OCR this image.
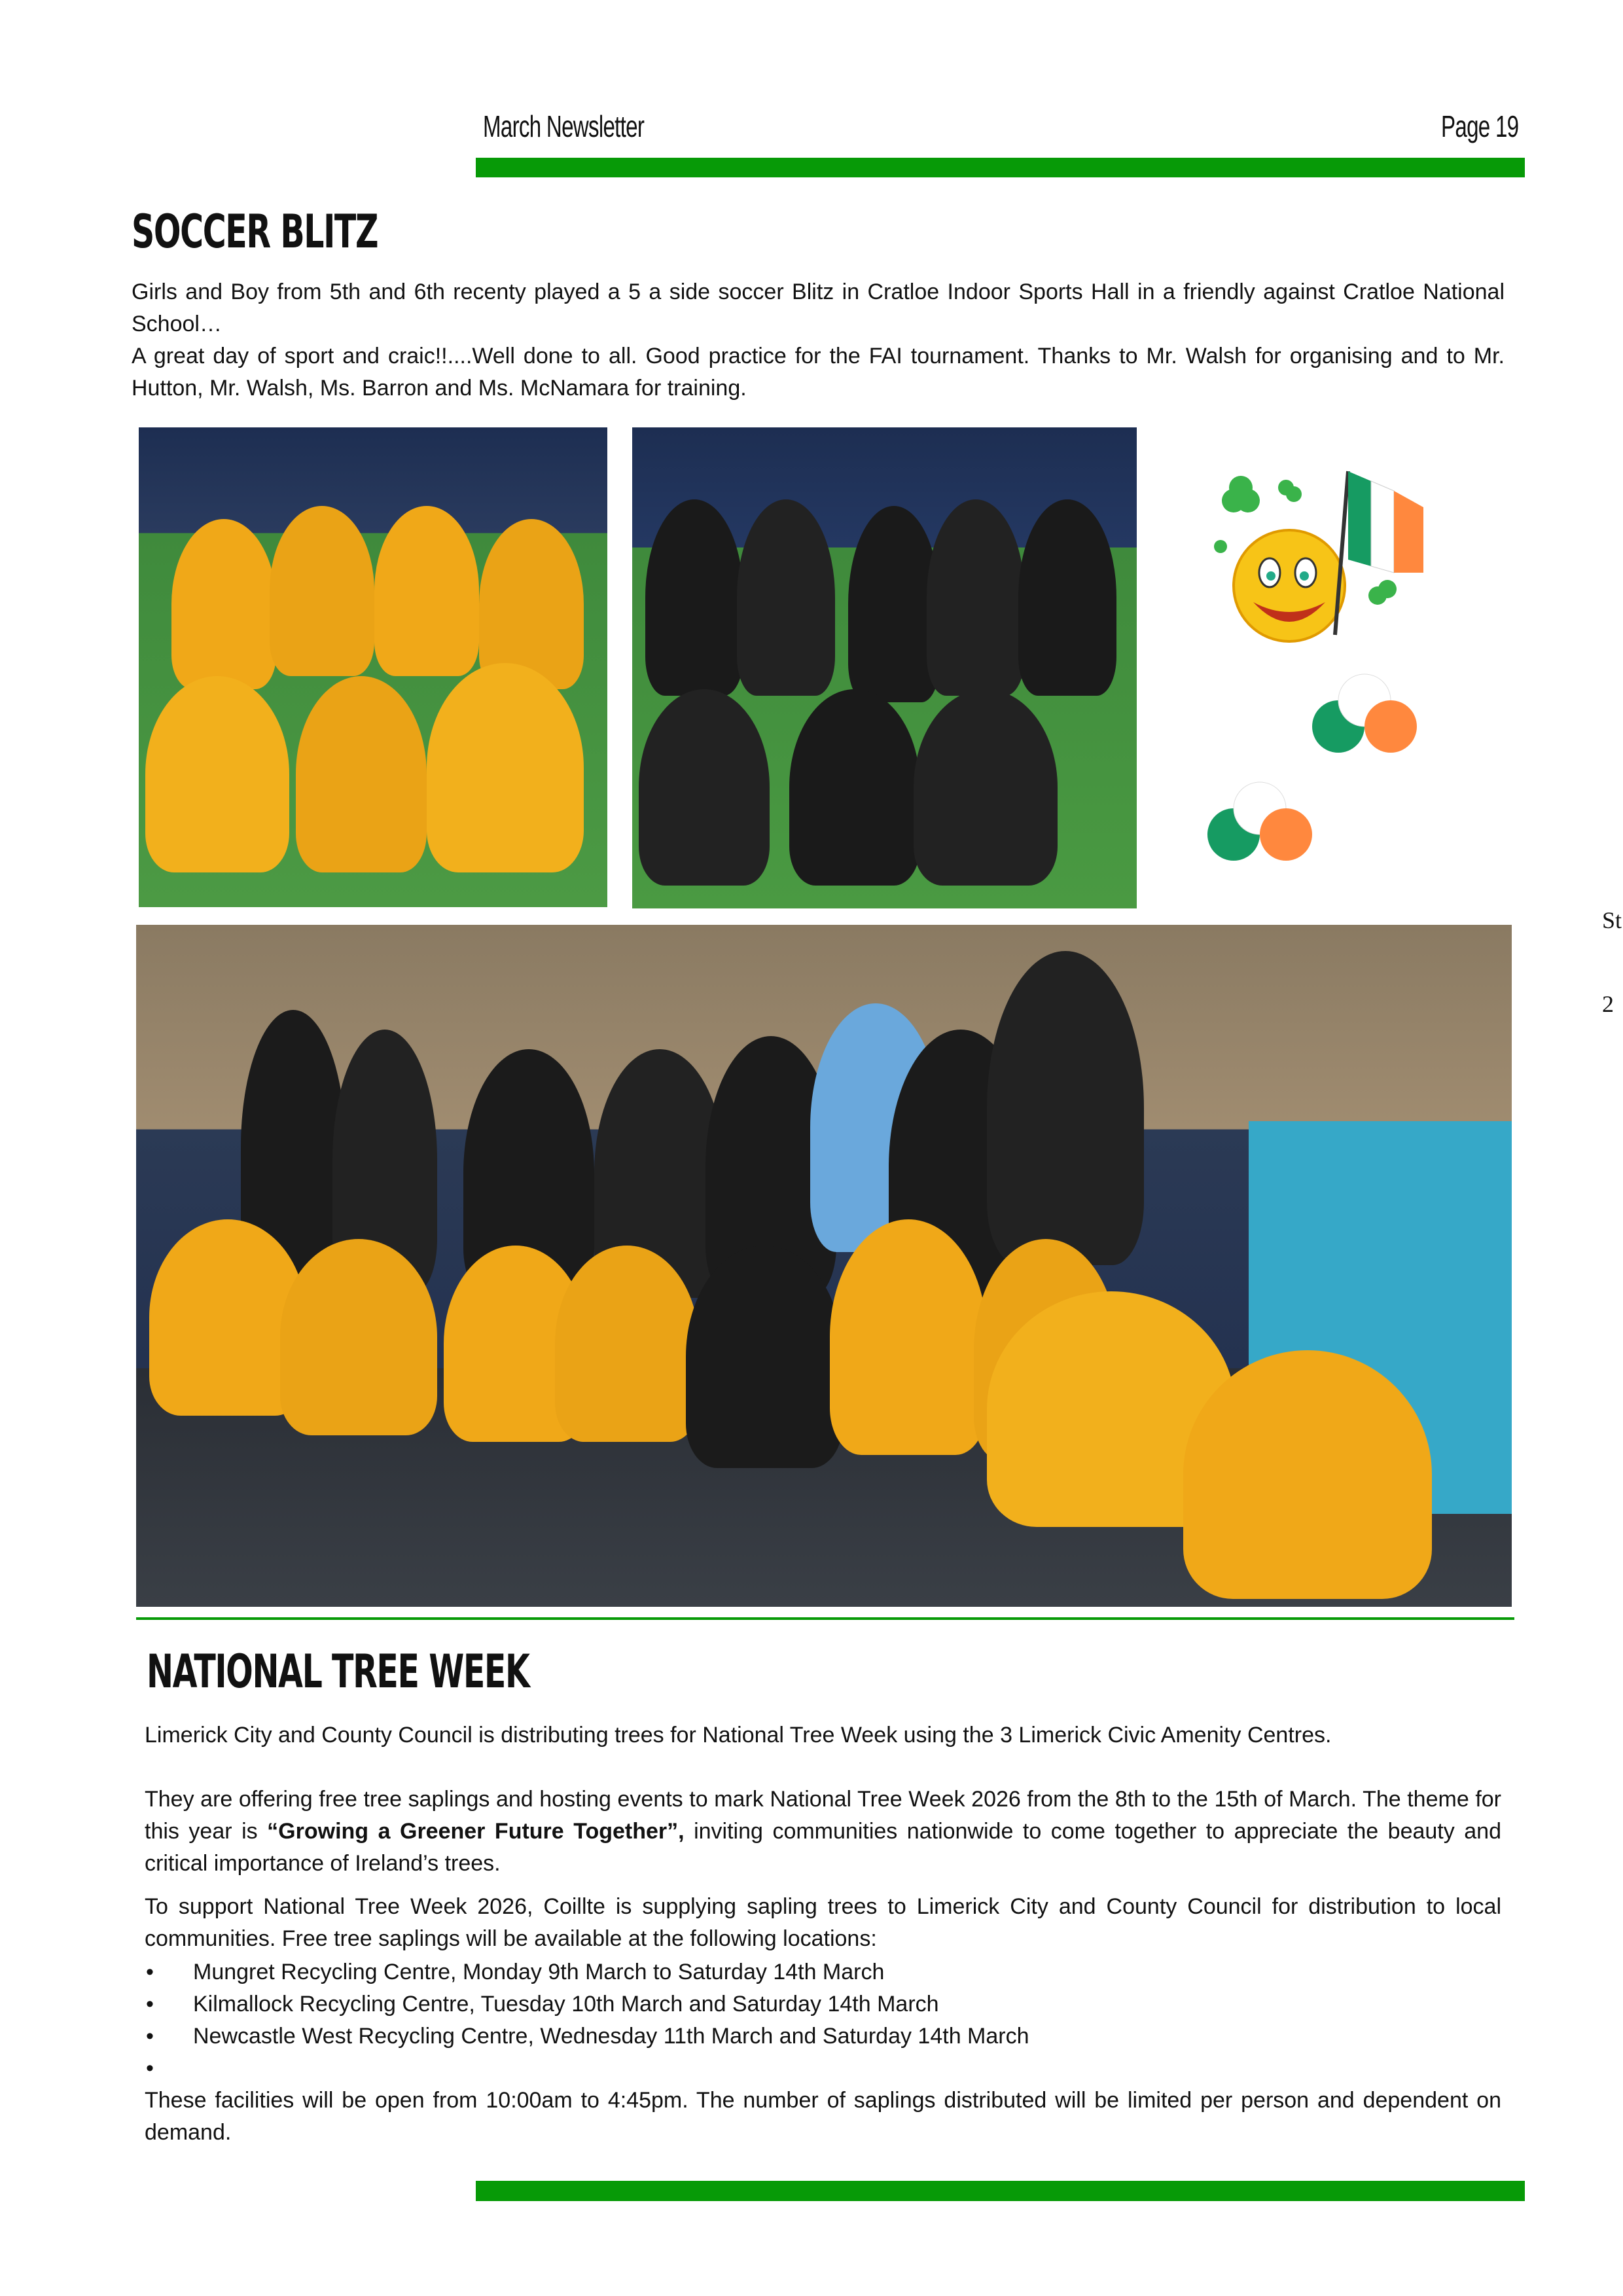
March Newsletter	Page 19
SOCCER BLITZ

Girls and Boy from 5th and 6th recenty played a 5 a side soccer Blitz in Cratloe Indoor Sports Hall in a friendly against Cratloe National School…

A great day of sport and craic!!....Well done to all. Good practice for the FAI tournament. Thanks to Mr. Walsh for organising and to Mr. Hutton, Mr. Walsh, Ms. Barron and Ms. McNamara for training.

St
2
NATIONAL TREE WEEK

Limerick City and County Council is distributing trees for National Tree Week using the 3 Limerick Civic Amenity Centres.

They are offering free tree saplings and hosting events to mark National Tree Week 2026 from the 8th to the 15th of March. The theme for this year is “Growing a Greener Future Together”, inviting communities nationwide to come together to appreciate the beauty and critical importance of Ireland’s trees.

To support National Tree Week 2026, Coillte is supplying sapling trees to Limerick City and County Council for distribution to local communities. Free tree saplings will be available at the following locations:

• Mungret Recycling Centre, Monday 9th March to Saturday 14th March
• Kilmallock Recycling Centre, Tuesday 10th March and Saturday 14th March
• Newcastle West Recycling Centre, Wednesday 11th March and Saturday 14th March
•

These facilities will be open from 10:00am to 4:45pm. The number of saplings distributed will be limited per person and dependent on demand.
